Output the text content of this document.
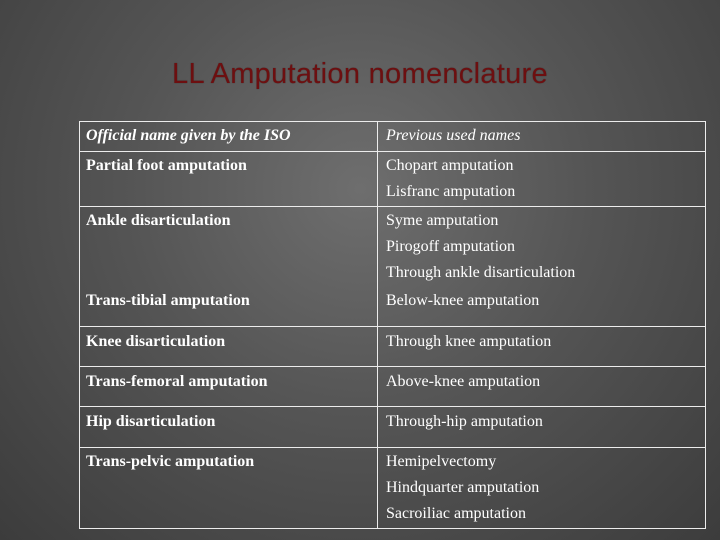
LL Amputation nomenclature
Official name given by the ISO	Previous used names
Partial foot amputation	Chopart amputation
Lisfranc amputation
Ankle disarticulation	Syme amputation
Pirogoff amputation
Through ankle disarticulation
Trans-tibial amputation	Below-knee amputation
Knee disarticulation	Through knee amputation
Trans-femoral amputation	Above-knee amputation
Hip disarticulation	Through-hip amputation
Trans-pelvic amputation	Hemipelvectomy
Hindquarter amputation
Sacroiliac amputation
